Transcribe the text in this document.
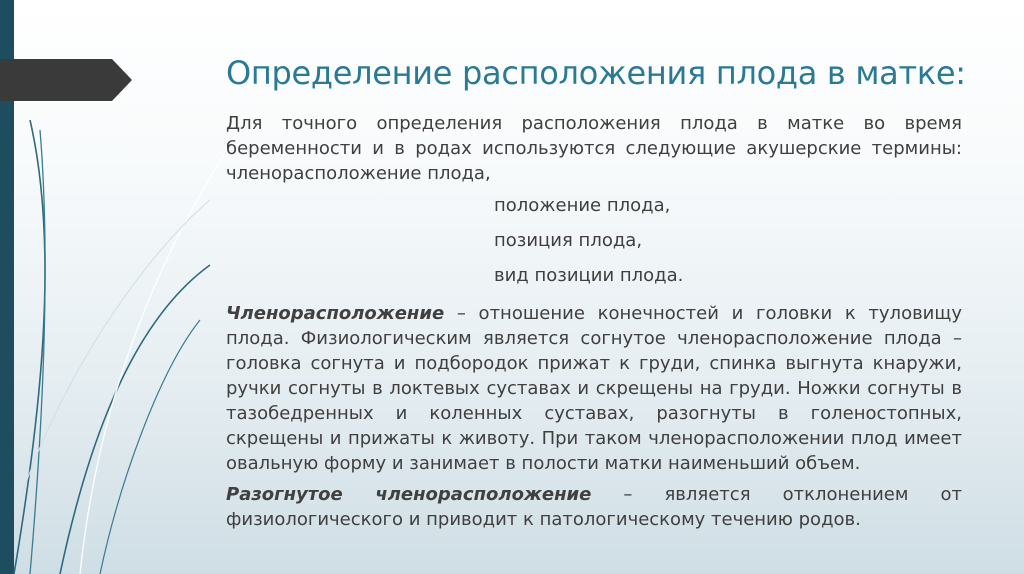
Определение расположения плода в матке:

Для точного определения расположения плода в матке во время беременности и в родах используются следующие акушерские термины: членорасположение плода,

положение плода,

позиция плода,

вид позиции плода.

Членорасположение – отношение конечностей и головки к туловищу плода. Физиологическим является согнутое членорасположение плода – головка согнута и подбородок прижат к груди, спинка выгнута кнаружи, ручки согнуты в локтевых суставах и скрещены на груди. Ножки согнуты в тазобедренных и коленных суставах, разогнуты в голеностопных, скрещены и прижаты к животу. При таком членорасположении плод имеет овальную форму и занимает в полости матки наименьший объем.

Разогнутое членорасположение – является отклонением от физиологического и приводит к патологическому течению родов.
